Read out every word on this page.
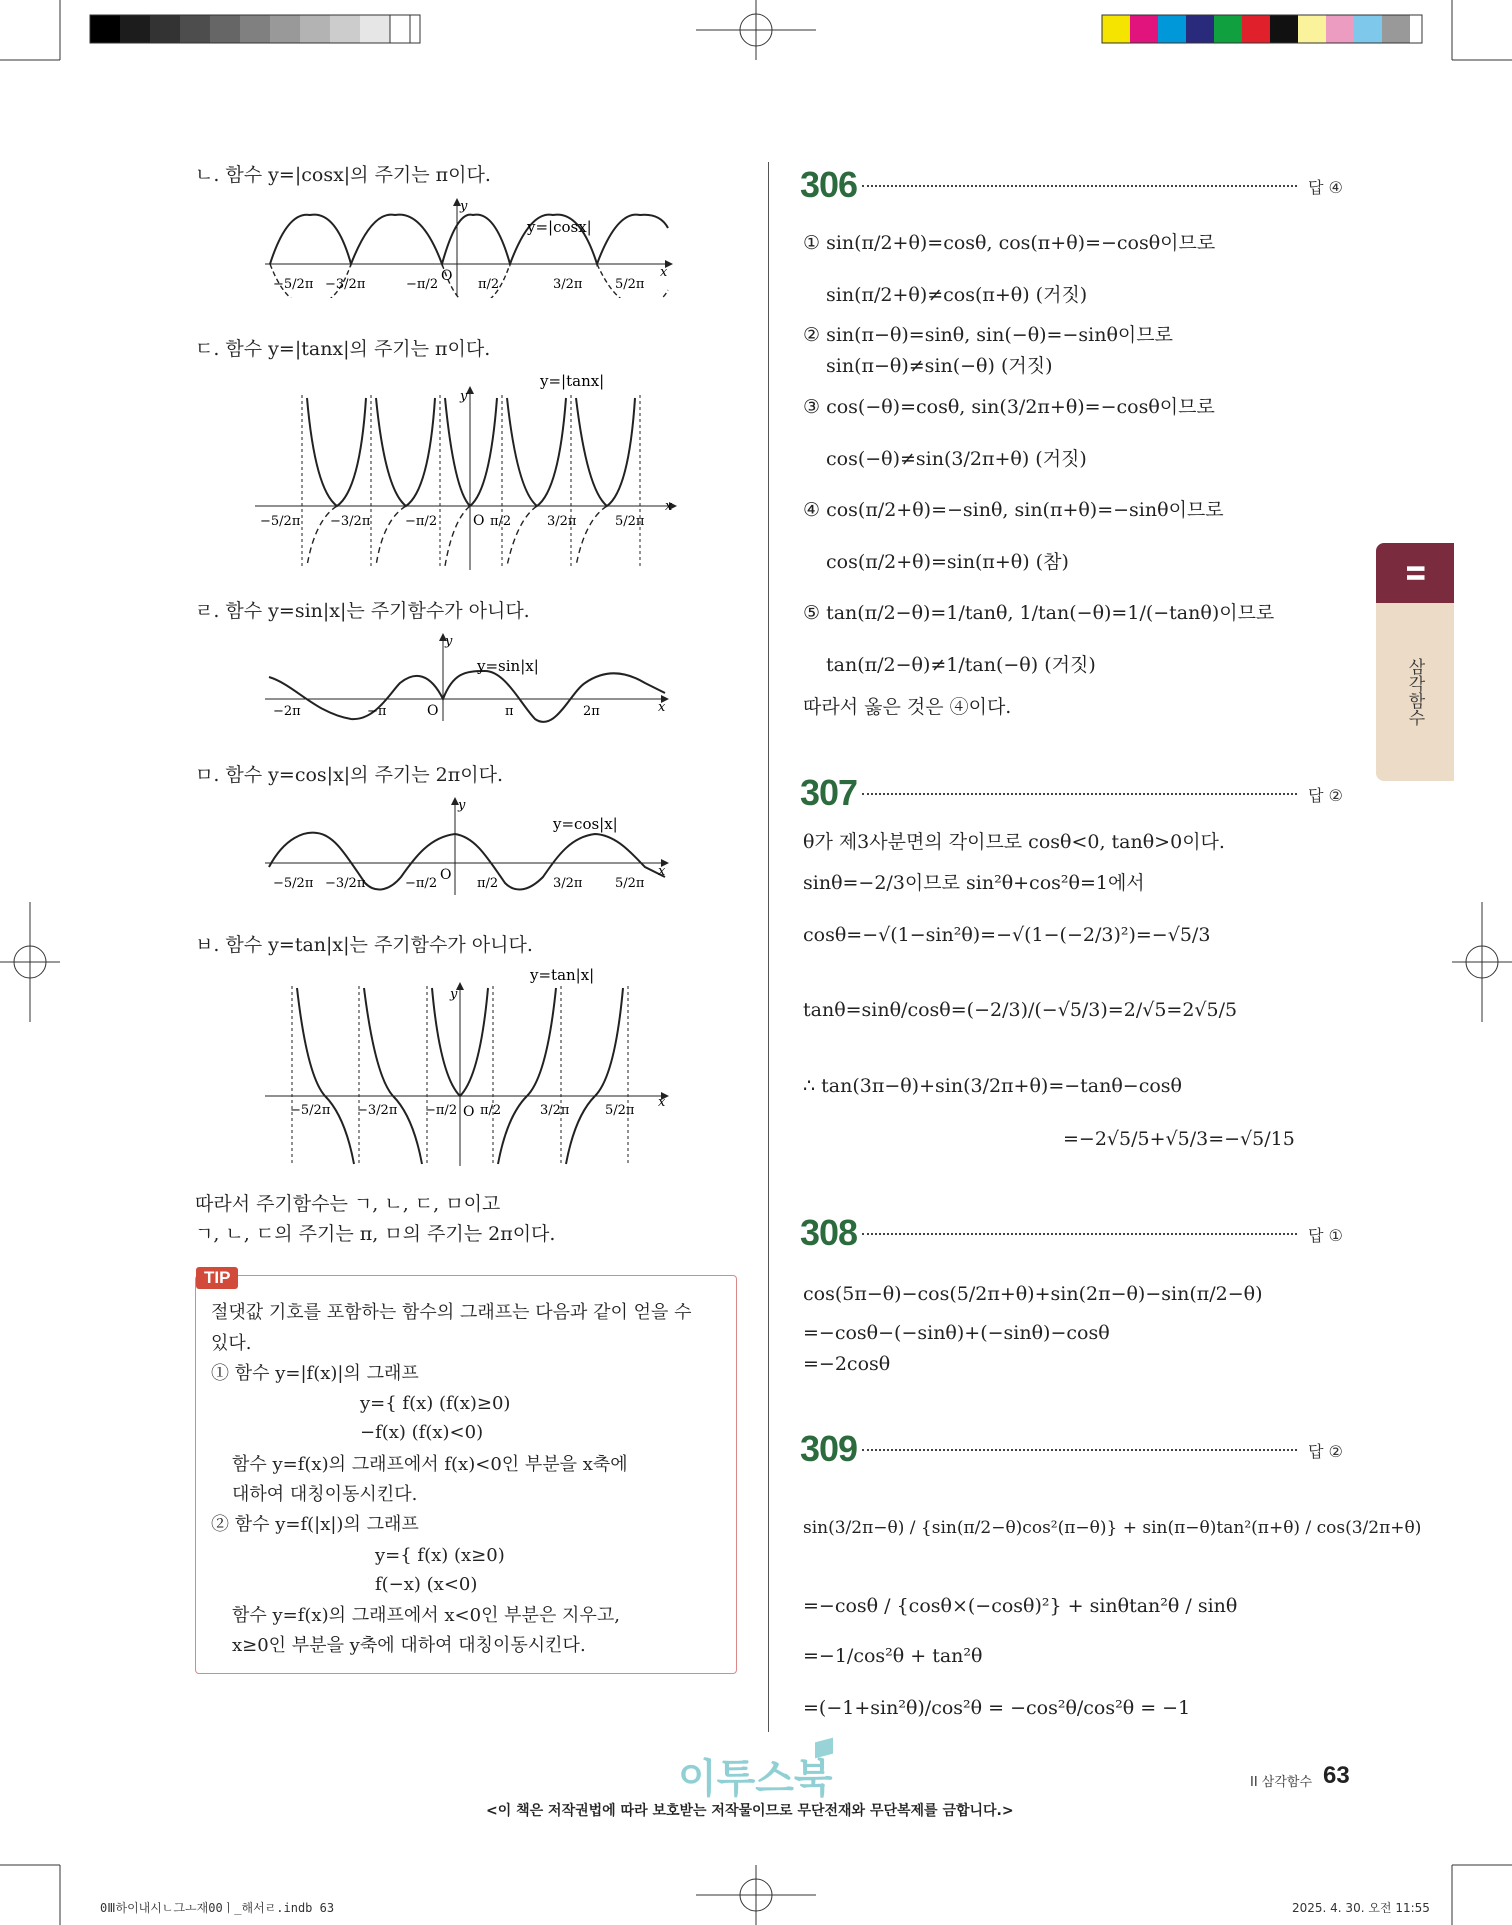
ㄴ. 함수 y=|cosx|의 주기는 π이다.
y=|cosx|
y
x
O
−5/2π −3/2π	−π/2	π/2	3/2π	5/2π
ㄷ. 함수 y=|tanx|의 주기는 π이다.
y=|tanx|
y
x
O
−5/2π −3/2π	−π/2	π/2	3/2π	5/2π
ㄹ. 함수 y=sin|x|는 주기함수가 아니다.
y=sin|x|
y
x
O
−2π	−π	π	2π
ㅁ. 함수 y=cos|x|의 주기는 2π이다.
y=cos|x|
y
x
O
−5/2π −3/2π	−π/2	π/2	3/2π	5/2π
ㅂ. 함수 y=tan|x|는 주기함수가 아니다.
y=tan|x|
y
x
O
−5/2π −3/2π −π/2 π/2	3/2π	5/2π
따라서 주기함수는 ㄱ, ㄴ, ㄷ, ㅁ이고
ㄱ, ㄴ, ㄷ의 주기는 π, ㅁ의 주기는 2π이다.
TIP
절댓값 기호를 포함하는 함수의 그래프는 다음과 같이 얻을 수
있다.
① 함수 y=|f(x)|의 그래프
y={ f(x) (f(x)≥0)
−f(x) (f(x)<0)
함수 y=f(x)의 그래프에서 f(x)<0인 부분을 x축에
대하여 대칭이동시킨다.
② 함수 y=f(|x|)의 그래프
y={ f(x) (x≥0)
f(−x) (x<0)
함수 y=f(x)의 그래프에서 x<0인 부분은 지우고,
x≥0인 부분을 y축에 대하여 대칭이동시킨다.
306	답 ④
① sin(π/2+θ)=cosθ, cos(π+θ)=−cosθ이므로
sin(π/2+θ)≠cos(π+θ) (거짓)
② sin(π−θ)=sinθ, sin(−θ)=−sinθ이므로
sin(π−θ)≠sin(−θ) (거짓)
③ cos(−θ)=cosθ, sin(3/2π+θ)=−cosθ이므로
cos(−θ)≠sin(3/2π+θ) (거짓)
④ cos(π/2+θ)=−sinθ, sin(π+θ)=−sinθ이므로
cos(π/2+θ)=sin(π+θ) (참)
⑤ tan(π/2−θ)=1/tanθ, 1/tan(−θ)=1/(−tanθ)이므로
tan(π/2−θ)≠1/tan(−θ) (거짓)
따라서 옳은 것은 ④이다.
307	답 ②
θ가 제3사분면의 각이므로 cosθ<0, tanθ>0이다.
sinθ=−2/3이므로 sin²θ+cos²θ=1에서
cosθ=−√(1−sin²θ)=−√(1−(−2/3)²)=−√5/3
tanθ=sinθ/cosθ=(−2/3)/(−√5/3)=2/√5=2√5/5
∴ tan(3π−θ)+sin(3/2π+θ)=−tanθ−cosθ
=−2√5/5+√5/3=−√5/15
308	답 ①
cos(5π−θ)−cos(5/2π+θ)+sin(2π−θ)−sin(π/2−θ)
=−cosθ−(−sinθ)+(−sinθ)−cosθ
=−2cosθ
309	답 ②
sin(3/2π−θ) / {sin(π/2−θ)cos²(π−θ)} + sin(π−θ)tan²(π+θ) / cos(3/2π+θ)
=−cosθ / {cosθ×(−cosθ)²} + sinθtan²θ / sinθ
=−1/cos²θ + tan²θ
=(−1+sin²θ)/cos²θ = −cos²θ/cos²θ = −1
II
삼각함수
이투스북	II 삼각함수 63
<이 책은 저작권법에 따라 보호받는 저작물이므로 무단전재와 무단복제를 금합니다.>
0Ⅲ하이내시ㄴ그ㅗ재00ㅣ_해서ㄹ.indb 63	2025. 4. 30. 오전 11:55
